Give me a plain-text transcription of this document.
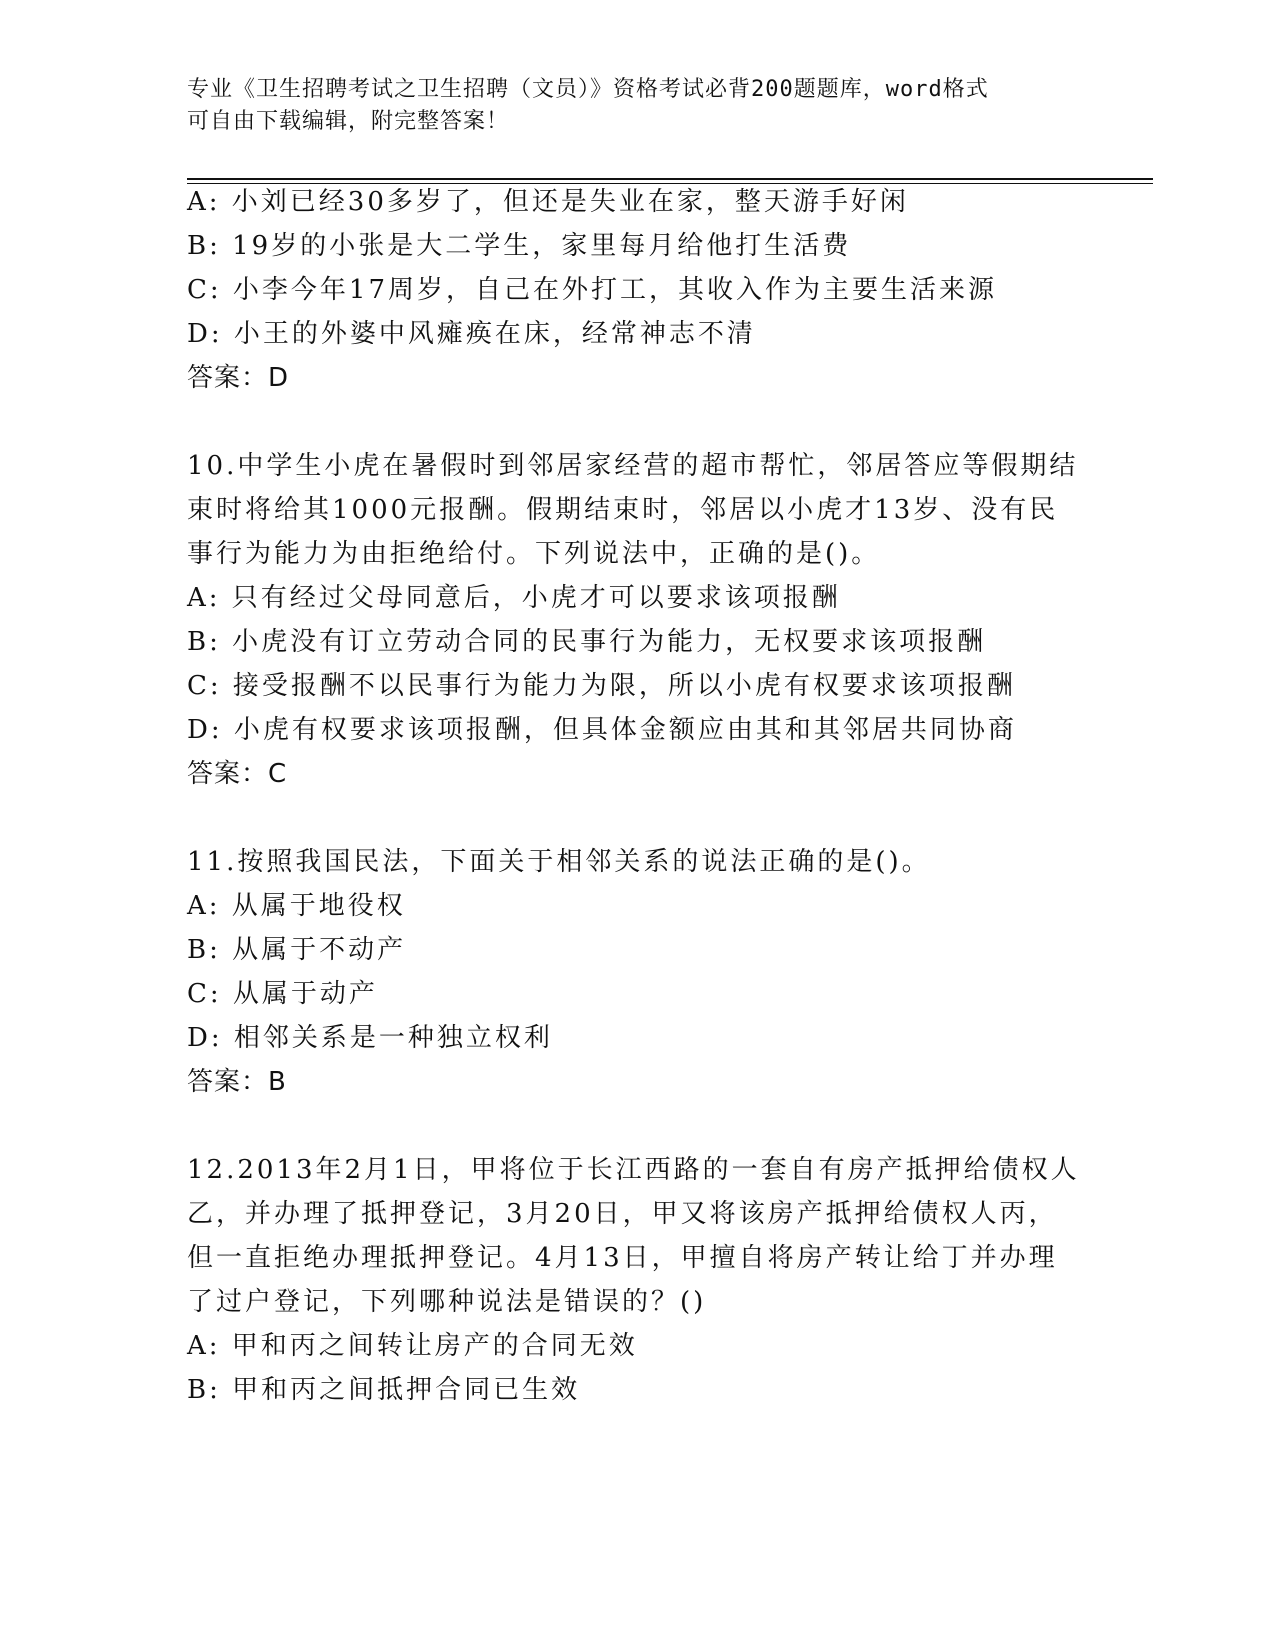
专业《卫生招聘考试之卫生招聘（文员）》资格考试必背200题题库，word格式
可自由下载编辑，附完整答案！
A: 小刘已经30多岁了，但还是失业在家，整天游手好闲
B: 19岁的小张是大二学生，家里每月给他打生活费
C: 小李今年17周岁，自己在外打工，其收入作为主要生活来源
D: 小王的外婆中风瘫痪在床，经常神志不清
答案：D
10.中学生小虎在暑假时到邻居家经营的超市帮忙，邻居答应等假期结
束时将给其1000元报酬。假期结束时，邻居以小虎才13岁、没有民
事行为能力为由拒绝给付。下列说法中，正确的是()。
A: 只有经过父母同意后，小虎才可以要求该项报酬
B: 小虎没有订立劳动合同的民事行为能力，无权要求该项报酬
C: 接受报酬不以民事行为能力为限，所以小虎有权要求该项报酬
D: 小虎有权要求该项报酬，但具体金额应由其和其邻居共同协商
答案：C
11.按照我国民法，下面关于相邻关系的说法正确的是()。
A: 从属于地役权
B: 从属于不动产
C: 从属于动产
D: 相邻关系是一种独立权利
答案：B
12.2013年2月1日，甲将位于长江西路的一套自有房产抵押给债权人
乙，并办理了抵押登记，3月20日，甲又将该房产抵押给债权人丙，
但一直拒绝办理抵押登记。4月13日，甲擅自将房产转让给丁并办理
了过户登记，下列哪种说法是错误的？()
A: 甲和丙之间转让房产的合同无效
B: 甲和丙之间抵押合同已生效
